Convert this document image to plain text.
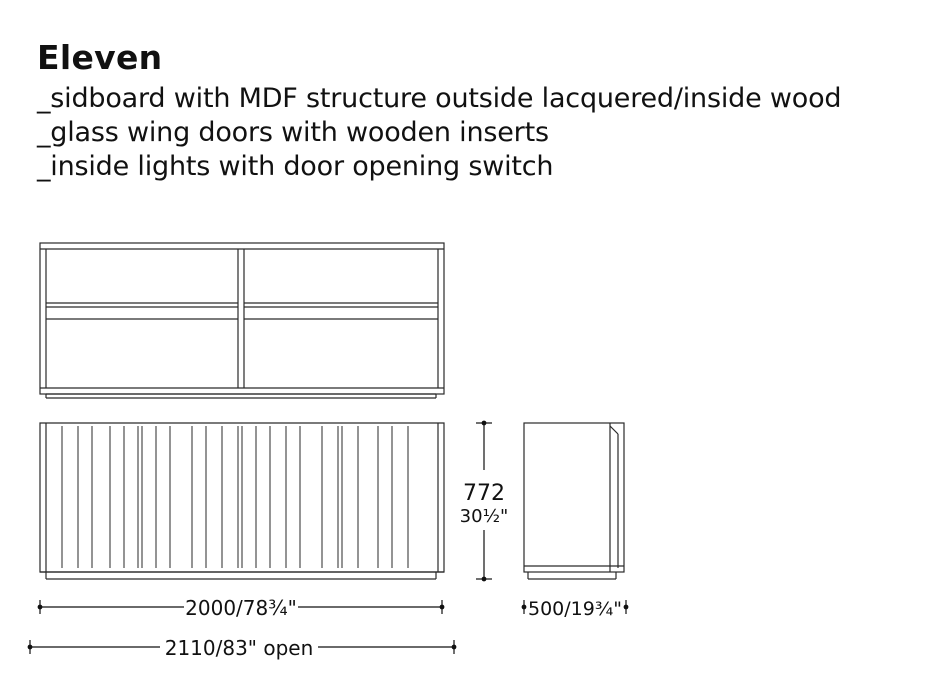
Eleven

_sidboard with MDF structure outside lacquered/inside wood

_glass wing doors with wooden inserts

_inside lights with door opening switch

772
30½"
2000/78¾"
2110/83" open
500/19¾"
